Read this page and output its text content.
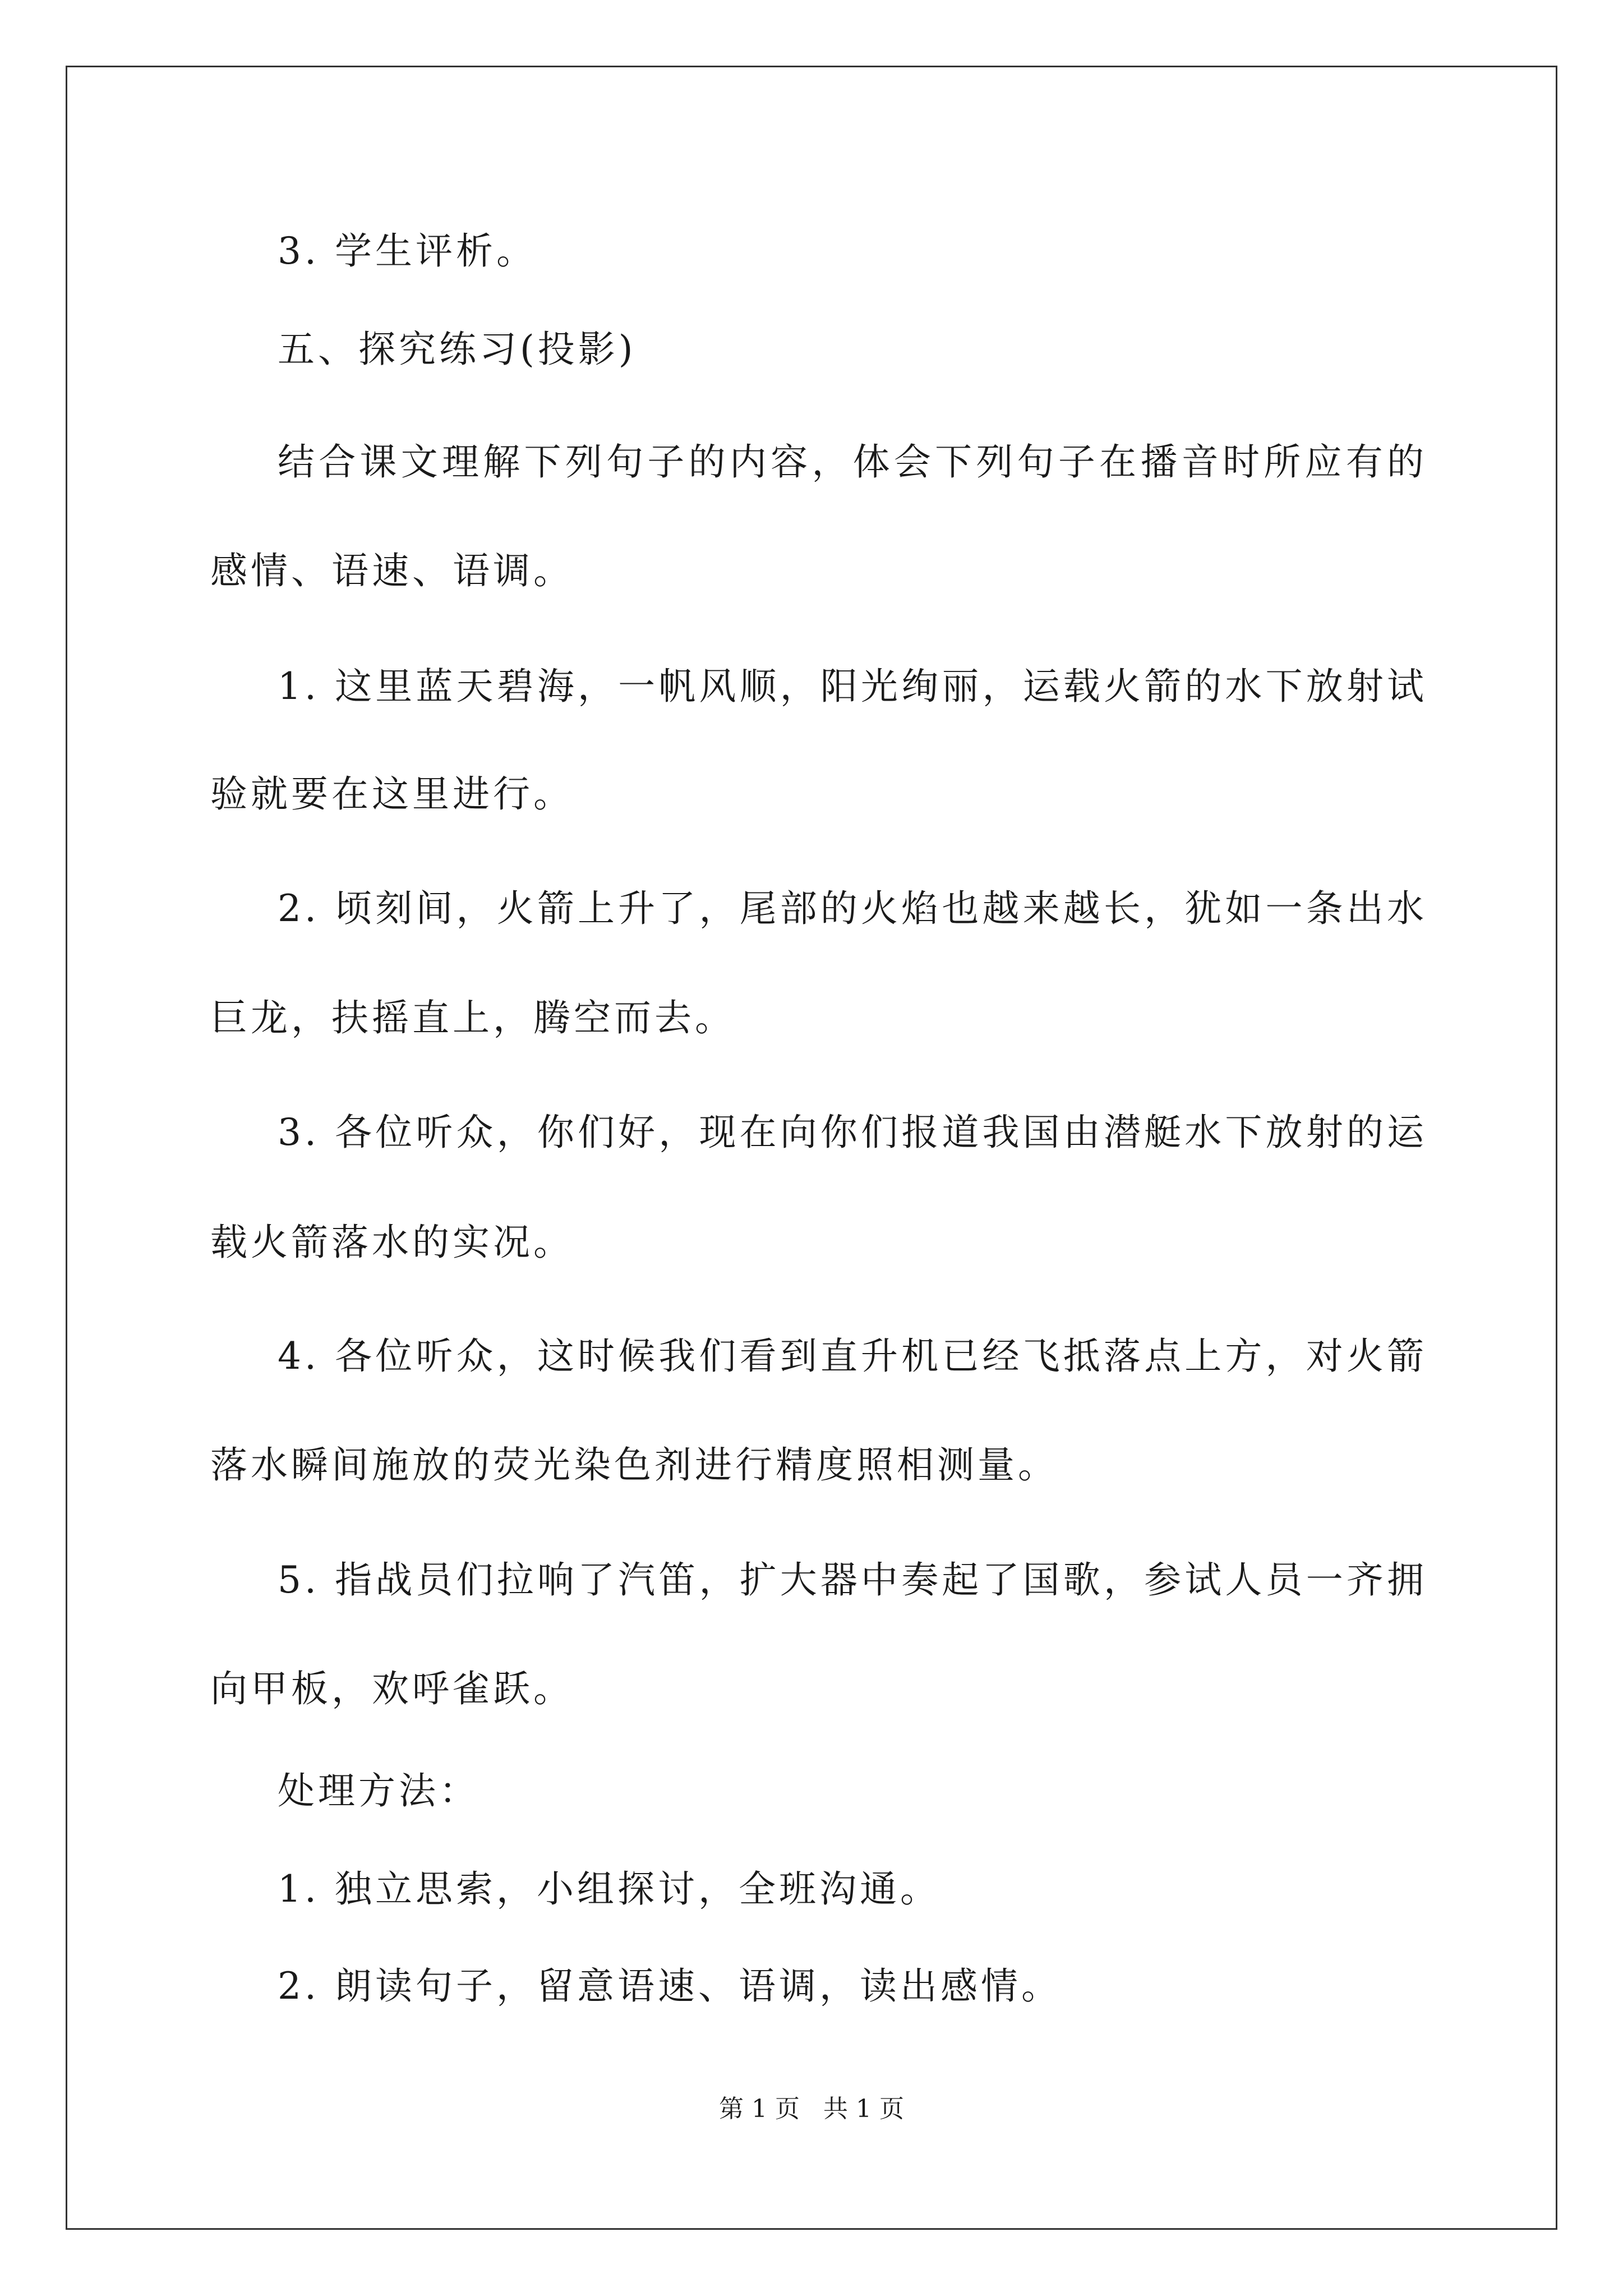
3. 学生评析。
五、探究练习(投影)
结合课文理解下列句子的内容，体会下列句子在播音时所应有的
感情、语速、语调。
1. 这里蓝天碧海，一帆风顺，阳光绚丽，运载火箭的水下放射试
验就要在这里进行。
2. 顷刻间，火箭上升了，尾部的火焰也越来越长，犹如一条出水
巨龙，扶摇直上，腾空而去。
3. 各位听众，你们好，现在向你们报道我国由潜艇水下放射的运
载火箭落水的实况。
4. 各位听众，这时候我们看到直升机已经飞抵落点上方，对火箭
落水瞬间施放的荧光染色剂进行精度照相测量。
5. 指战员们拉响了汽笛，扩大器中奏起了国歌，参试人员一齐拥
向甲板，欢呼雀跃。
处理方法：
1. 独立思索，小组探讨，全班沟通。
2. 朗读句子，留意语速、语调，读出感情。
第 1 页 共 1 页
